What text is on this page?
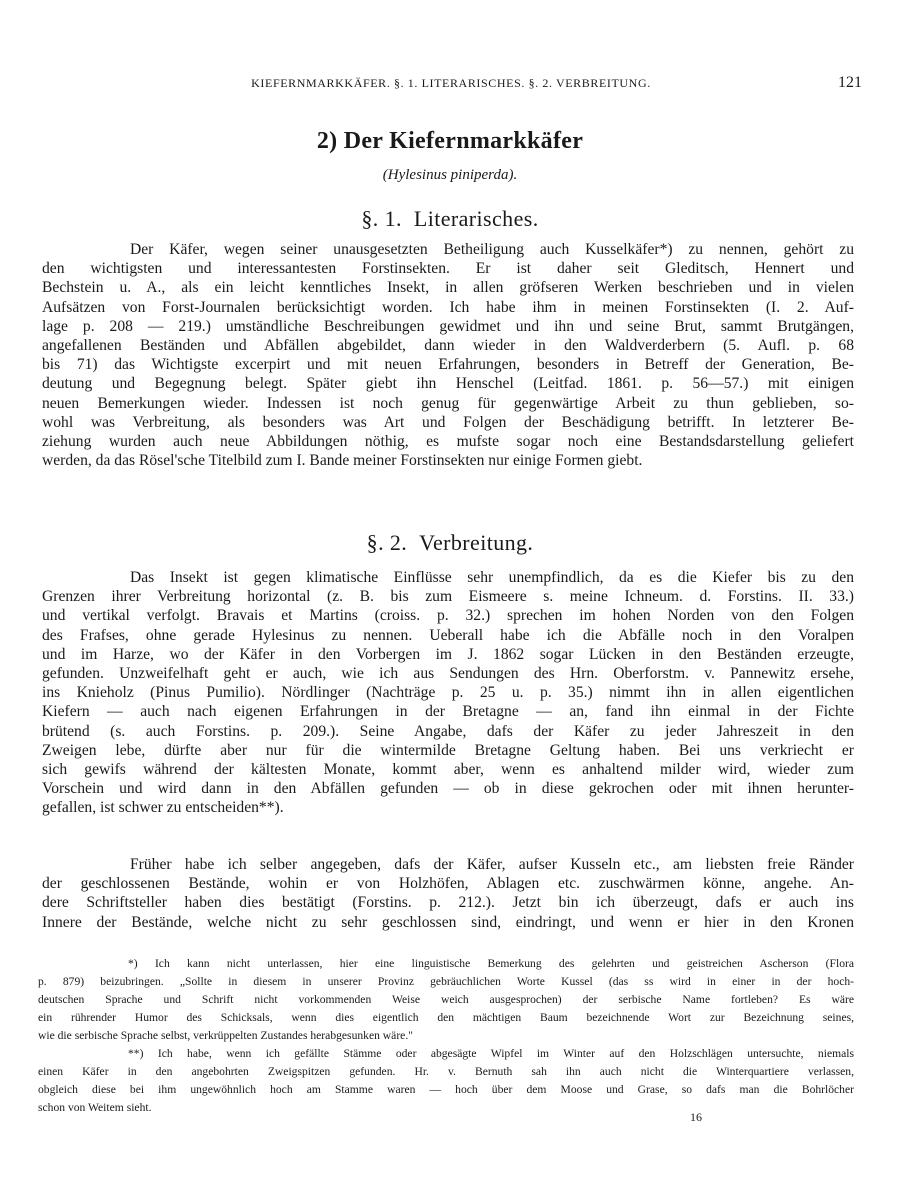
KIEFERNMARKKÄFER. §. 1. LITERARISCHES. §. 2. VERBREITUNG.	121
2) Der Kiefernmarkkäfer
(Hylesinus piniperda).
§. 1. Literarisches.
Der Käfer, wegen seiner unausgesetzten Betheiligung auch Kusselkäfer*) zu nennen, gehört zu
den wichtigsten und interessantesten Forstinsekten. Er ist daher seit Gleditsch, Hennert und
Bechstein u. A., als ein leicht kenntliches Insekt, in allen gröfseren Werken beschrieben und in vielen
Aufsätzen von Forst-Journalen berücksichtigt worden. Ich habe ihm in meinen Forstinsekten (I. 2. Auf-
lage p. 208 — 219.) umständliche Beschreibungen gewidmet und ihn und seine Brut, sammt Brutgängen,
angefallenen Beständen und Abfällen abgebildet, dann wieder in den Waldverderbern (5. Aufl. p. 68
bis 71) das Wichtigste excerpirt und mit neuen Erfahrungen, besonders in Betreff der Generation, Be-
deutung und Begegnung belegt. Später giebt ihn Henschel (Leitfad. 1861. p. 56—57.) mit einigen
neuen Bemerkungen wieder. Indessen ist noch genug für gegenwärtige Arbeit zu thun geblieben, so-
wohl was Verbreitung, als besonders was Art und Folgen der Beschädigung betrifft. In letzterer Be-
ziehung wurden auch neue Abbildungen nöthig, es mufste sogar noch eine Bestandsdarstellung geliefert
werden, da das Rösel'sche Titelbild zum I. Bande meiner Forstinsekten nur einige Formen giebt.
§. 2. Verbreitung.
Das Insekt ist gegen klimatische Einflüsse sehr unempfindlich, da es die Kiefer bis zu den
Grenzen ihrer Verbreitung horizontal (z. B. bis zum Eismeere s. meine Ichneum. d. Forstins. II. 33.)
und vertikal verfolgt. Bravais et Martins (croiss. p. 32.) sprechen im hohen Norden von den Folgen
des Frafses, ohne gerade Hylesinus zu nennen. Ueberall habe ich die Abfälle noch in den Voralpen
und im Harze, wo der Käfer in den Vorbergen im J. 1862 sogar Lücken in den Beständen erzeugte,
gefunden. Unzweifelhaft geht er auch, wie ich aus Sendungen des Hrn. Oberforstm. v. Pannewitz ersehe,
ins Knieholz (Pinus Pumilio). Nördlinger (Nachträge p. 25 u. p. 35.) nimmt ihn in allen eigentlichen
Kiefern — auch nach eigenen Erfahrungen in der Bretagne — an, fand ihn einmal in der Fichte
brütend (s. auch Forstins. p. 209.). Seine Angabe, dafs der Käfer zu jeder Jahreszeit in den
Zweigen lebe, dürfte aber nur für die wintermilde Bretagne Geltung haben. Bei uns verkriecht er
sich gewifs während der kältesten Monate, kommt aber, wenn es anhaltend milder wird, wieder zum
Vorschein und wird dann in den Abfällen gefunden — ob in diese gekrochen oder mit ihnen herunter-
gefallen, ist schwer zu entscheiden**).
Früher habe ich selber angegeben, dafs der Käfer, aufser Kusseln etc., am liebsten freie Ränder
der geschlossenen Bestände, wohin er von Holzhöfen, Ablagen etc. zuschwärmen könne, angehe. An-
dere Schriftsteller haben dies bestätigt (Forstins. p. 212.). Jetzt bin ich überzeugt, dafs er auch ins
Innere der Bestände, welche nicht zu sehr geschlossen sind, eindringt, und wenn er hier in den Kronen
*) Ich kann nicht unterlassen, hier eine linguistische Bemerkung des gelehrten und geistreichen Ascherson (Flora
p. 879) beizubringen. „Sollte in diesem in unserer Provinz gebräuchlichen Worte Kussel (das ss wird in einer in der hoch-
deutschen Sprache und Schrift nicht vorkommenden Weise weich ausgesprochen) der serbische Name fortleben? Es wäre
ein rührender Humor des Schicksals, wenn dies eigentlich den mächtigen Baum bezeichnende Wort zur Bezeichnung seines,
wie die serbische Sprache selbst, verkrüppelten Zustandes herabgesunken wäre."
**) Ich habe, wenn ich gefällte Stämme oder abgesägte Wipfel im Winter auf den Holzschlägen untersuchte, niemals
einen Käfer in den angebohrten Zweigspitzen gefunden. Hr. v. Bernuth sah ihn auch nicht die Winterquartiere verlassen,
obgleich diese bei ihm ungewöhnlich hoch am Stamme waren — hoch über dem Moose und Grase, so dafs man die Bohrlöcher
schon von Weitem sieht.
16
